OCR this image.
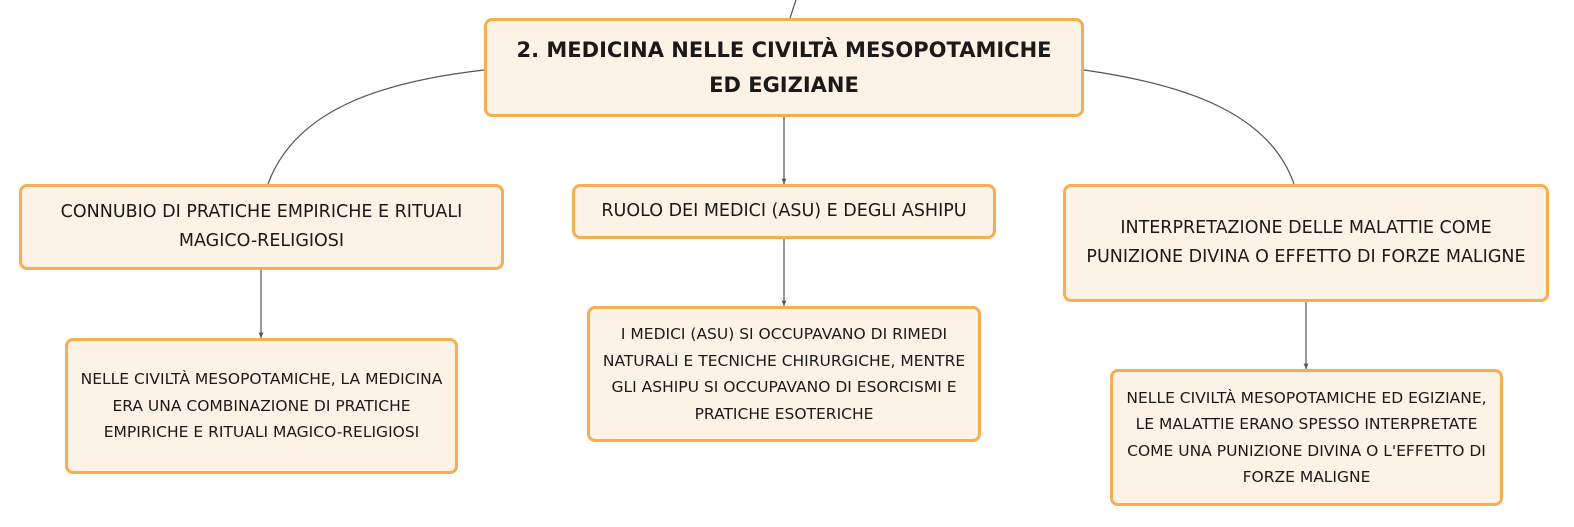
2. MEDICINA NELLE CIVILTÀ MESOPOTAMICHE ED EGIZIANE
CONNUBIO DI PRATICHE EMPIRICHE E RITUALI MAGICO-RELIGIOSI
RUOLO DEI MEDICI (ASU) E DEGLI ASHIPU
INTERPRETAZIONE DELLE MALATTIE COME PUNIZIONE DIVINA O EFFETTO DI FORZE MALIGNE
NELLE CIVILTÀ MESOPOTAMICHE, LA MEDICINA ERA UNA COMBINAZIONE DI PRATICHE EMPIRICHE E RITUALI MAGICO-RELIGIOSI
I MEDICI (ASU) SI OCCUPAVANO DI RIMEDI NATURALI E TECNICHE CHIRURGICHE, MENTRE GLI ASHIPU SI OCCUPAVANO DI ESORCISMI E PRATICHE ESOTERICHE
NELLE CIVILTÀ MESOPOTAMICHE ED EGIZIANE, LE MALATTIE ERANO SPESSO INTERPRETATE COME UNA PUNIZIONE DIVINA O L'EFFETTO DI FORZE MALIGNE
